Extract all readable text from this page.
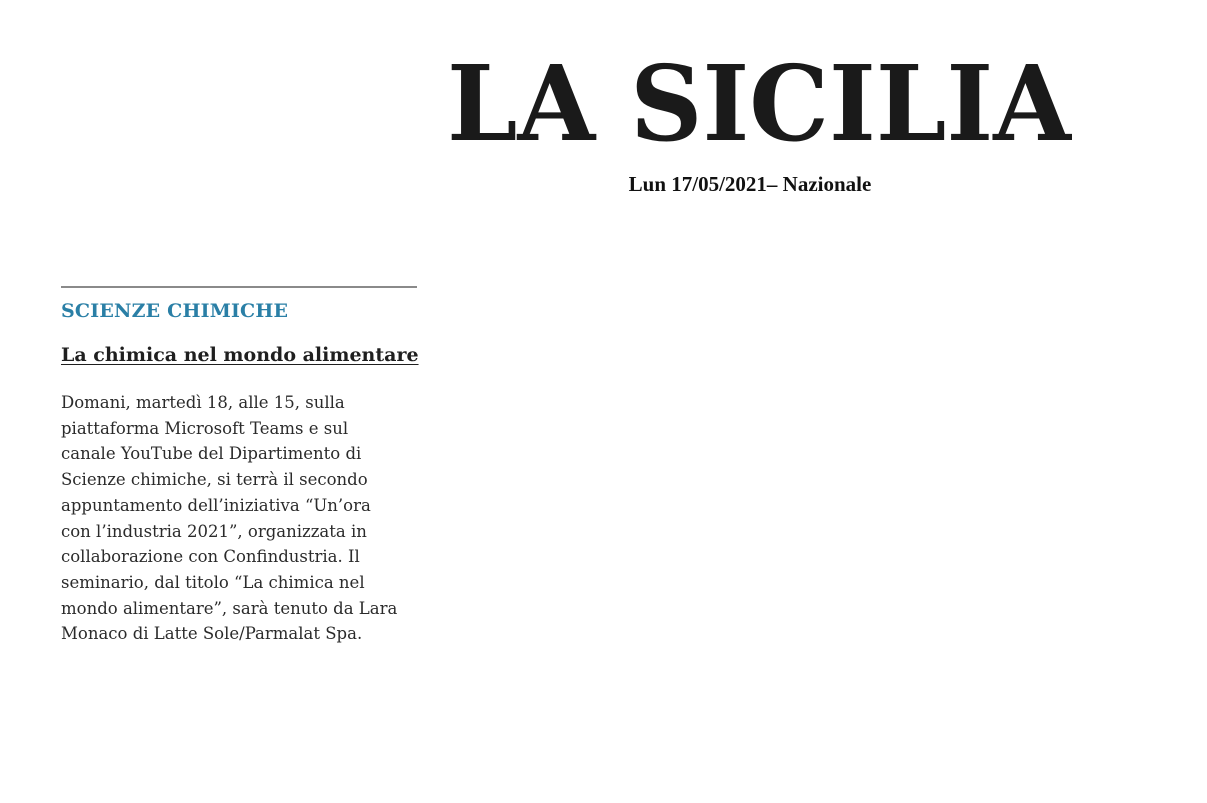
LA SICILIA
Lun 17/05/2021– Nazionale
SCIENZE CHIMICHE
La chimica nel mondo alimentare
Domani, martedì 18, alle 15, sulla
piattaforma Microsoft Teams e sul
canale YouTube del Dipartimento di
Scienze chimiche, si terrà il secondo
appuntamento dell’iniziativa “Un’ora
con l’industria 2021”, organizzata in
collaborazione con Confindustria. Il
seminario, dal titolo “La chimica nel
mondo alimentare”, sarà tenuto da Lara
Monaco di Latte Sole/Parmalat Spa.
